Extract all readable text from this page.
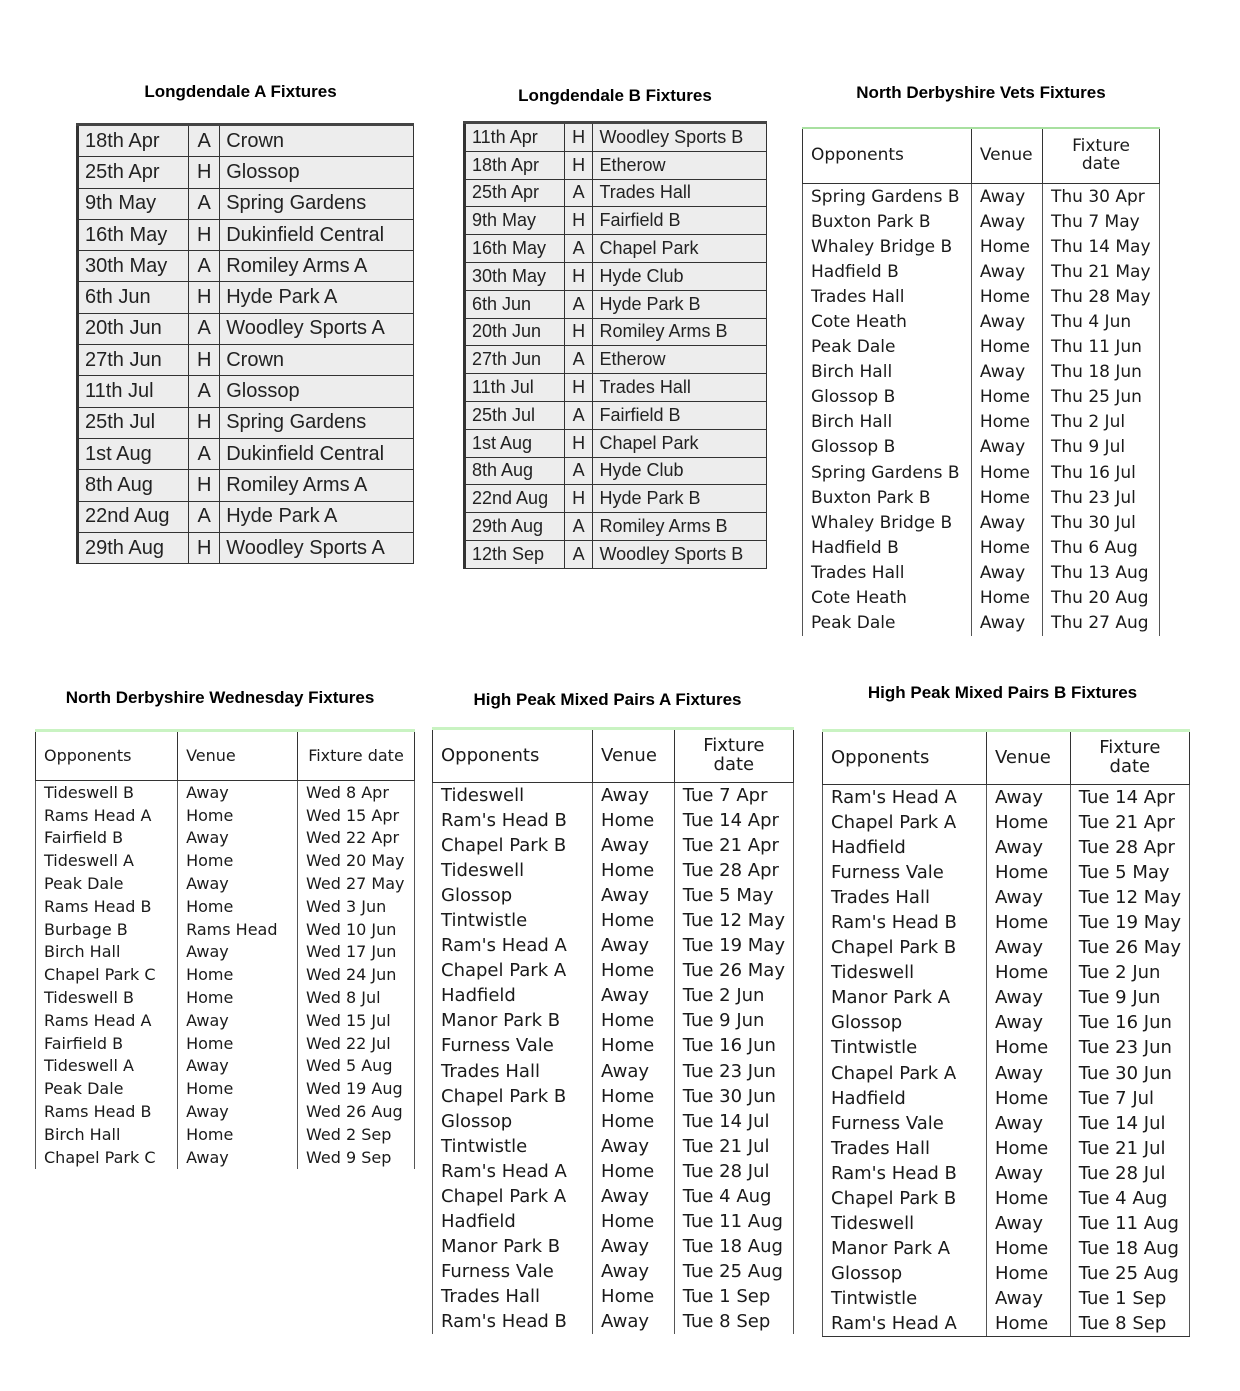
Longdendale A Fixtures	Longdendale B Fixtures	North Derbyshire Vets Fixtures
North Derbyshire Wednesday Fixtures	High Peak Mixed Pairs A Fixtures	High Peak Mixed Pairs B Fixtures
18th Apr	A	Crown
25th Apr	H	Glossop
9th May	A	Spring Gardens
16th May	H	Dukinfield Central
30th May	A	Romiley Arms A
6th Jun	H	Hyde Park A
20th Jun	A	Woodley Sports A
27th Jun	H	Crown
11th Jul	A	Glossop
25th Jul	H	Spring Gardens
1st Aug	A	Dukinfield Central
8th Aug	H	Romiley Arms A
22nd Aug	A	Hyde Park A
29th Aug	H	Woodley Sports A
11th Apr	H	Woodley Sports B
18th Apr	H	Etherow
25th Apr	A	Trades Hall
9th May	H	Fairfield B
16th May	A	Chapel Park
30th May	H	Hyde Club
6th Jun	A	Hyde Park B
20th Jun	H	Romiley Arms B
27th Jun	A	Etherow
11th Jul	H	Trades Hall
25th Jul	A	Fairfield B
1st Aug	H	Chapel Park
8th Aug	A	Hyde Club
22nd Aug	H	Hyde Park B
29th Aug	A	Romiley Arms B
12th Sep	A	Woodley Sports B
Opponents	Venue	Fixture date
Spring Gardens B	Away	Thu 30 Apr
Buxton Park B	Away	Thu 7 May
Whaley Bridge B	Home	Thu 14 May
Hadfield B	Away	Thu 21 May
Trades Hall	Home	Thu 28 May
Cote Heath	Away	Thu 4 Jun
Peak Dale	Home	Thu 11 Jun
Birch Hall	Away	Thu 18 Jun
Glossop B	Home	Thu 25 Jun
Birch Hall	Home	Thu 2 Jul
Glossop B	Away	Thu 9 Jul
Spring Gardens B	Home	Thu 16 Jul
Buxton Park B	Home	Thu 23 Jul
Whaley Bridge B	Away	Thu 30 Jul
Hadfield B	Home	Thu 6 Aug
Trades Hall	Away	Thu 13 Aug
Cote Heath	Home	Thu 20 Aug
Peak Dale	Away	Thu 27 Aug
Opponents	Venue	Fixture date
Tideswell B	Away	Wed 8 Apr
Rams Head A	Home	Wed 15 Apr
Fairfield B	Away	Wed 22 Apr
Tideswell A	Home	Wed 20 May
Peak Dale	Away	Wed 27 May
Rams Head B	Home	Wed 3 Jun
Burbage B	Rams Head	Wed 10 Jun
Birch Hall	Away	Wed 17 Jun
Chapel Park C	Home	Wed 24 Jun
Tideswell B	Home	Wed 8 Jul
Rams Head A	Away	Wed 15 Jul
Fairfield B	Home	Wed 22 Jul
Tideswell A	Away	Wed 5 Aug
Peak Dale	Home	Wed 19 Aug
Rams Head B	Away	Wed 26 Aug
Birch Hall	Home	Wed 2 Sep
Chapel Park C	Away	Wed 9 Sep
Opponents	Venue	Fixture date
Tideswell	Away	Tue 7 Apr
Ram's Head B	Home	Tue 14 Apr
Chapel Park B	Away	Tue 21 Apr
Tideswell	Home	Tue 28 Apr
Glossop	Away	Tue 5 May
Tintwistle	Home	Tue 12 May
Ram's Head A	Away	Tue 19 May
Chapel Park A	Home	Tue 26 May
Hadfield	Away	Tue 2 Jun
Manor Park B	Home	Tue 9 Jun
Furness Vale	Home	Tue 16 Jun
Trades Hall	Away	Tue 23 Jun
Chapel Park B	Home	Tue 30 Jun
Glossop	Home	Tue 14 Jul
Tintwistle	Away	Tue 21 Jul
Ram's Head A	Home	Tue 28 Jul
Chapel Park A	Away	Tue 4 Aug
Hadfield	Home	Tue 11 Aug
Manor Park B	Away	Tue 18 Aug
Furness Vale	Away	Tue 25 Aug
Trades Hall	Home	Tue 1 Sep
Ram's Head B	Away	Tue 8 Sep
Opponents	Venue	Fixture date
Ram's Head A	Away	Tue 14 Apr
Chapel Park A	Home	Tue 21 Apr
Hadfield	Away	Tue 28 Apr
Furness Vale	Home	Tue 5 May
Trades Hall	Away	Tue 12 May
Ram's Head B	Home	Tue 19 May
Chapel Park B	Away	Tue 26 May
Tideswell	Home	Tue 2 Jun
Manor Park A	Away	Tue 9 Jun
Glossop	Away	Tue 16 Jun
Tintwistle	Home	Tue 23 Jun
Chapel Park A	Away	Tue 30 Jun
Hadfield	Home	Tue 7 Jul
Furness Vale	Away	Tue 14 Jul
Trades Hall	Home	Tue 21 Jul
Ram's Head B	Away	Tue 28 Jul
Chapel Park B	Home	Tue 4 Aug
Tideswell	Away	Tue 11 Aug
Manor Park A	Home	Tue 18 Aug
Glossop	Home	Tue 25 Aug
Tintwistle	Away	Tue 1 Sep
Ram's Head A	Home	Tue 8 Sep
